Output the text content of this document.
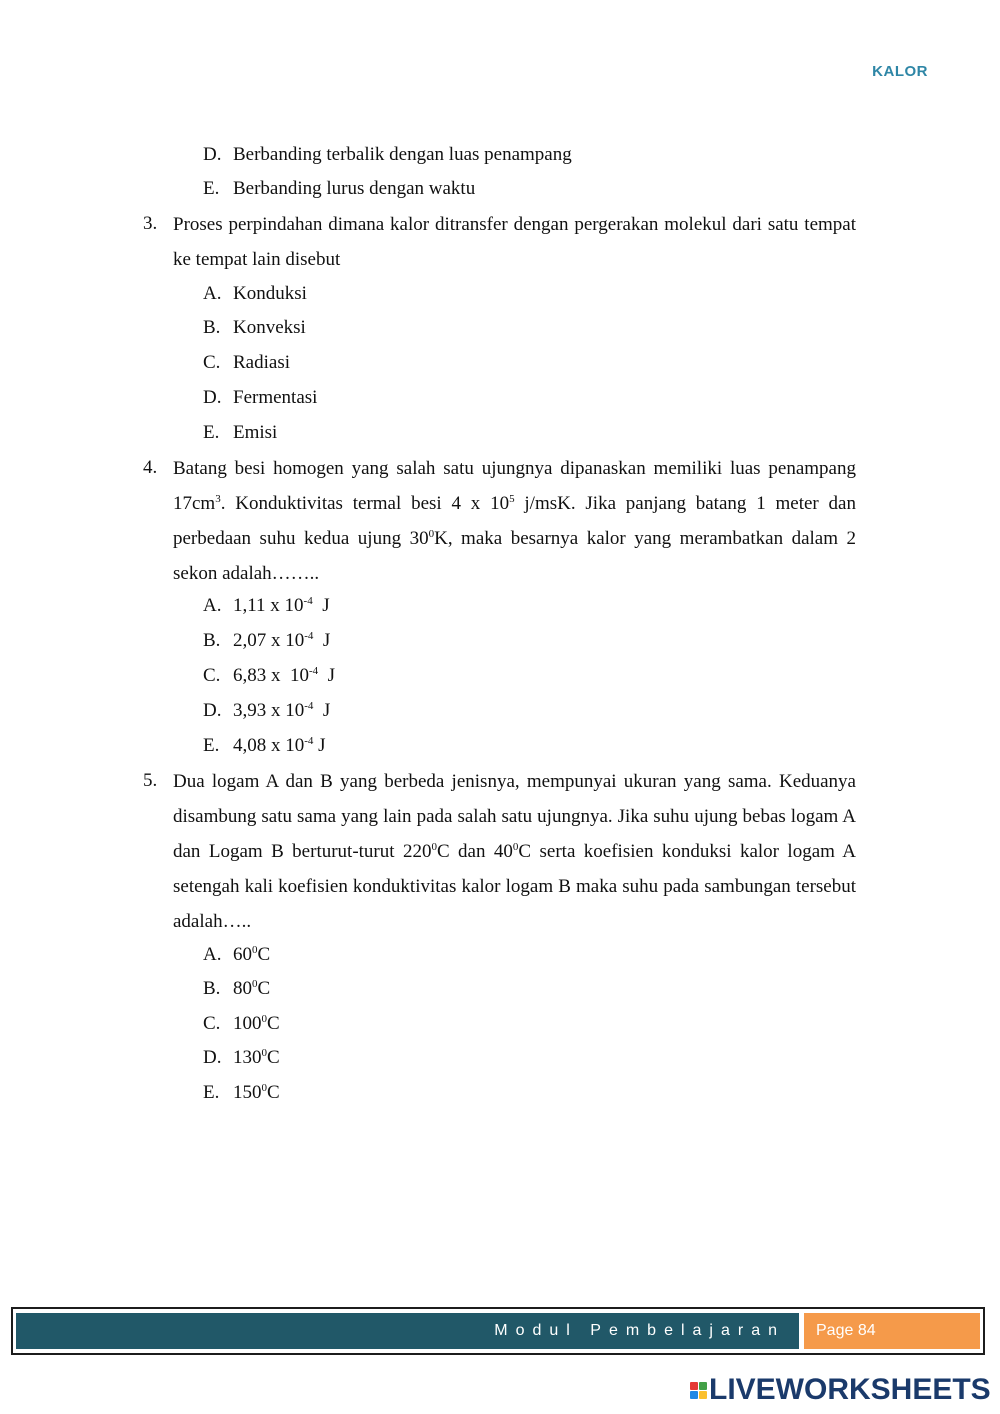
KALOR
D. Berbanding terbalik dengan luas penampang
E. Berbanding lurus dengan waktu
3. Proses perpindahan dimana kalor ditransfer dengan pergerakan molekul dari satu tempat ke tempat lain disebut
A. Konduksi
B. Konveksi
C. Radiasi
D. Fermentasi
E. Emisi
4. Batang besi homogen yang salah satu ujungnya dipanaskan memiliki luas penampang $17cm^3$. Konduktivitas termal besi 4 x $10^5$ j/msK. Jika panjang batang 1 meter dan perbedaan suhu kedua ujung $30^0K$, maka besarnya kalor yang merambatkan dalam 2 sekon adalah……..
A. 1,11 x $10^{-4}$  J
B. 2,07 x $10^{-4}$  J
C. 6,83 x  $10^{-4}$  J
D. 3,93 x $10^{-4}$  J
E. 4,08 x $10^{-4}$ J
5. Dua logam A dan B yang berbeda jenisnya, mempunyai ukuran yang sama. Keduanya disambung satu sama yang lain pada salah satu ujungnya. Jika suhu ujung bebas logam A dan Logam B berturut-turut $220^0C$ dan $40^0C$ serta koefisien konduksi kalor logam A setengah kali koefisien konduktivitas kalor logam B maka suhu pada sambungan tersebut adalah…..
A. $60^0C$
B. $80^0C$
C. $100^0C$
D. $130^0C$
E. $150^0C$
Modul Pembelajaran Page 84
LIVEWORKSHEETS
